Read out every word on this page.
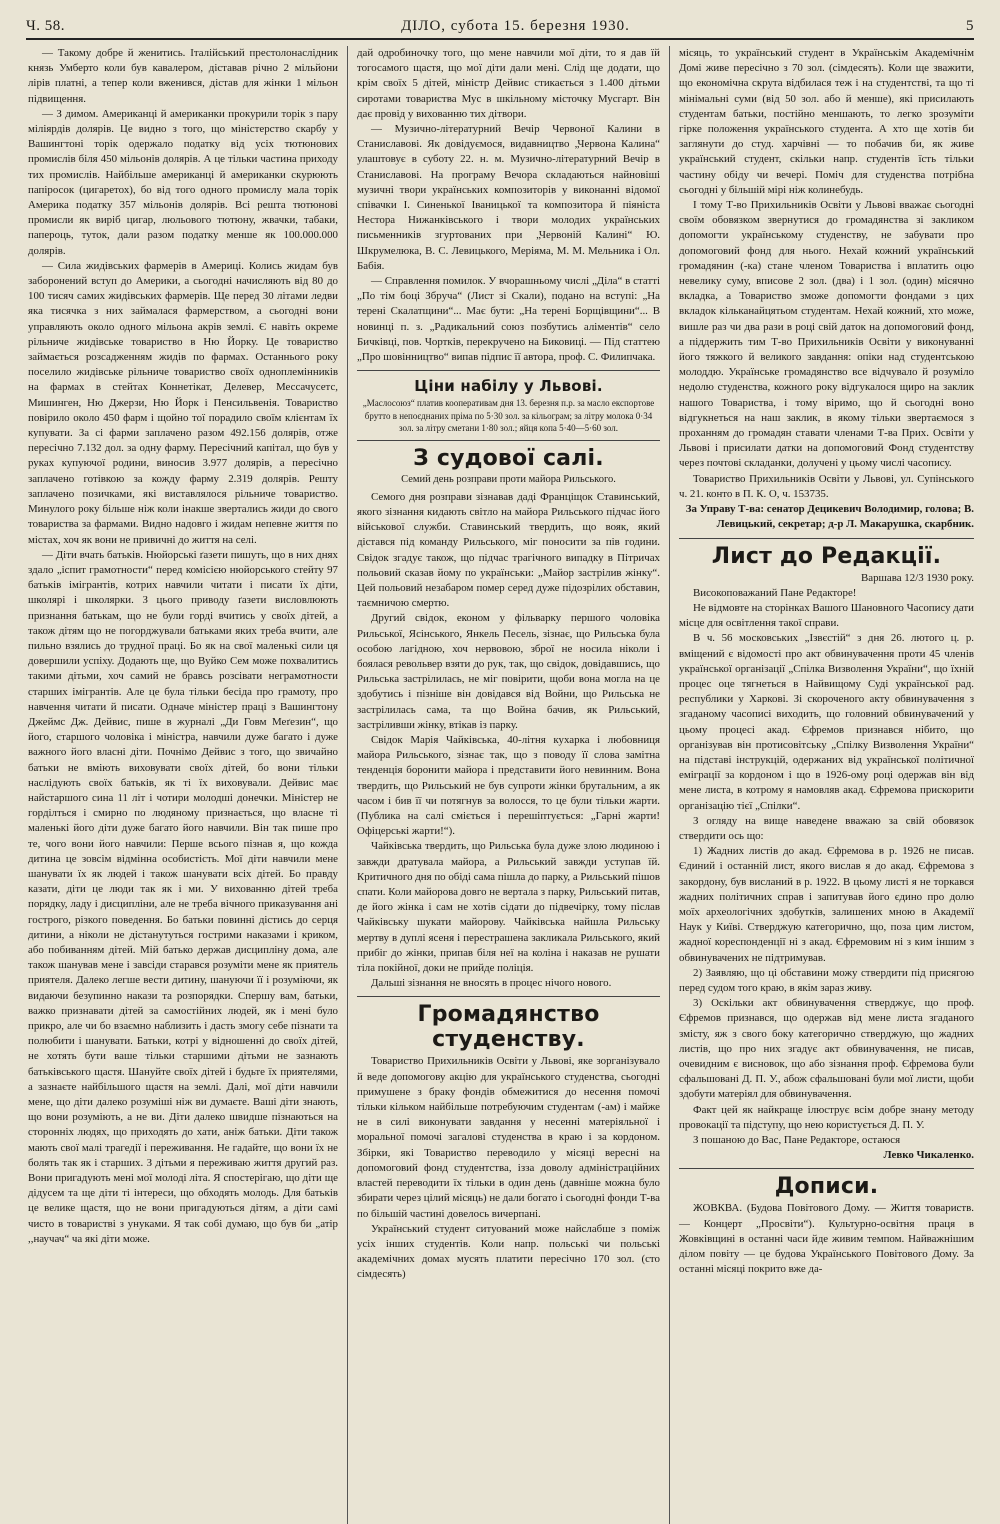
Ч. 58.	ДІЛО, субота 15. березня 1930.	5

— Такому добре й женитись. Італійський престолонаслідник князь Умберто коли був кавалером, діставав річно 2 мільйони лірів платні, а тепер коли вженився, дістав для жінки 1 мільон підвищення.

— З димом. Американці й американки прокурили торік з пару міліярдів долярів. Це видно з того, що міністерство скарбу у Вашингтоні торік одержало податку від усіх тютюнових промислів біля 450 мільонів долярів. А це тільки частина приходу тих промислів. Найбільше американці й американки скурюють папіросок (цигаретох), бо від того одного промислу мала торік Америка податку 357 мільонів долярів. Всі решта тютюнові промисли як виріб цигар, люльового тютюну, жвачки, табаки, папероць, туток, дали разом податку менше як 100.000.000 долярів.

— Сила жидівських фармерів в Америці. Колись жидам був заборонений вступ до Америки, а сьогодні начисляють від 80 до 100 тисяч самих жидівських фармерів. Ще перед 30 літами ледви яка тисячка з них займалася фармерством, а сьогодні вони управляють около одного мільона акрів землі. Є навіть окреме рільниче жидівське товариство в Ню Йорку. Це товариство займається розсадженням жидів по фармах. Останнього року поселило жидівське рільниче товариство своїх одноплемінників на фармах в стейтах Коннетікат, Делевер, Мессачусетс, Мишинген, Ню Джерзи, Ню Йорк і Пенсильвенія. Товариство повірило около 450 фарм і щойно тої порадило своїм клієнтам їх купувати. За сі фарми заплачено разом 492.156 долярів, отже пересічно 7.132 дол. за одну фарму. Пересічний капітал, що був у руках купуючої родини, виносив 3.977 долярів, а пересічно заплачено готівкою за кожду фарму 2.319 долярів. Решту заплачено позичками, які виставлялося рільниче товариство. Минулого року більше ніж коли інакше звертались жиди до свого товариства за фармами. Видно надовго і жидам непевне життя по містах, хоч як вони не привичні до життя на селі.

— Діти вчать батьків. Нюйорські ґазети пишуть, що в них днях здало „іспит грамотности“ перед комісією нюйорського стейту 97 батьків імігрантів, котрих навчили читати і писати їх діти, школярі і школярки. З цього приводу ґазети висловлюють признання батькам, що не були горді вчитись у своїх дітей, а також дітям що не погорджували батьками яких треба вчити, але пильно взялись до трудної праці. Бо як на свої маленькі сили ця довершили успіху. Додають ще, що Вуйко Сем може похвалитись такими дітьми, хоч самий не бравсь розсівати неграмотности старших імігрантів. Але це була тільки бесіда про грамоту, про навчення читати й писати. Одначе міністер праці з Вашингтону Джеймс Дж. Дейвис, пише в журналі „Ди Говм Меґезин“, що його, старшого чоловіка і міністра, навчили дуже багато і дуже важного його власні діти. Почнімо Дейвис з того, що звичайно батьки не вміють виховувати своїх дітей, бо вони тільки наслідують своїх батьків, як ті їх виховували. Дейвис має найстаршого сина 11 літ і чотири молодші донечки. Міністер не горділться і смирно по людяному признається, що власне ті маленькі його діти дуже багато його навчили. Він так пише про те, чого вони його навчили: Перше всього пізнав я, що кожда дитина це зовсім відмінна особистість. Мої діти навчили мене шанувати їх як людей і також шанувати всіх дітей. Бо правду казати, діти це люди так як і ми. У вихованню дітей треба порядку, ладу і дисципліни, але не треба вічного приказування ані гострого, різкого поведення. Бо батьки повинні дістись до серця дитини, а ніколи не дістанутуться гострими наказами і криком, або побиванням дітей. Мій батько держав дисципліну дома, але також шанував мене і завсіди старався розуміти мене як приятель приятеля. Далеко легше вести дитину, шануючи її і розуміючи, як видаючи безупинно накази та розпорядки. Спершу вам, батьки, важко признавати дітей за самостійних людей, як і мені було прикро, але чи бо взаємно наблизить і дасть змогу себе пізнати та полюбити і шанувати. Батьки, котрі у відношенні до своїх дітей, не хотять бути ваше тільки старшими дітьми не зазнають батьківського щастя. Шануйте своїх дітей і будьте їх приятелями, а зазнаєте найбільшого щастя на землі. Далі, мої діти навчили мене, що діти далеко розуміші ніж ви думаєте. Ваші діти знають, що вони розуміють, а не ви. Діти далеко швидше пізнаються на сторонніх людях, що приходять до хати, аніж батьки. Діти також мають свої малі трагедії і переживання. Не гадайте, що вони їх не болять так як і старших. З дітьми я переживаю життя другий раз. Вони пригадують мені мої молоді літа. Я спостерігаю, що діти ще дідусем та ще діти ті інтереси, що обходять молодь. Для батьків це велике щастя, що не вони пригадуються дітям, а діти самі чисто в товаристві з унуками. Я так собі думаю, що був би „атір ,,научач“ ча які діти може.

дай одробиночку того, що мене навчили мої діти, то я дав їй тогосамого щастя, що мої діти дали мені. Слід ще додати, що крім своїх 5 дітей, міністр Дейвис стикається з 1.400 дітьми сиротами товариства Мус в шкільному місточку Мусгарт. Він дає провід у вихованню тих дітвори.

— Музично-літературний Вечір Червоної Калини в Станиславові. Як довідуємося, видавництво „Червона Калина“ улаштовує в суботу 22. н. м. Музично-літературний Вечір в Станиславові. На програму Вечора складаються найновіші музичні твори українських композиторів у виконанні відомої співачки І. Синенької Іваницької та композитора й піяніста Нестора Нижанківського і твори молодих українських письменників згуртованих при „Червоній Калині“ Ю. Шкрумелюка, В. С. Левицького, Меріяма, М. М. Мельника і Ол. Бабія.

— Справлення помилок. У вчорашньому числі „Діла“ в статті „По тім боці Збруча“ (Лист зі Скали), подано на вступі: „На терені Скалатщини“... Має бути: „На терені Борщівщини“... В новинці п. з. „Радикальний союз позбутись аліментів“ село Бичківці, пов. Чортків, перекручено на Биковиці. — Під статтею „Про шовінництво“ випав підпис її автора, проф. С. Филипчака.

Ціни набілу у Львові.

„Маслосоюз“ платив кооперативам дня 13. березня п.р. за масло експортове брутто в непоєднаних пріма по 5·30 зол. за кільограм; за літру молока 0·34 зол. за літру сметани 1·80 зол.; яйця копа 5·40—5·60 зол.

З судової салі.
Семий день розправи проти майора Рильського.

Семого дня розправи зізнавав даді Франціщок Ставинський, якого зізнання кидають світло на майора Рильського підчас його військової служби. Ставинський твердить, що вояк, який дістався під команду Рильського, міг поносити за пів години. Свідок згадує також, що підчас трагічного випадку в Пітричах польовий сказав йому по українськи: „Майор застрілив жінку“. Цей польовий незабаром помер серед дуже підозрілих обставин, таємничою смертю.

Другий свідок, економ у фільварку першого чоловіка Рильської, Ясінського, Янкель Песель, зізнає, що Рильська була особою лагідною, хоч нервовою, зброї не носила ніколи і боялася револьвер взяти до рук, так, що свідок, довідавшись, що Рильська застрілилась, не міг повірити, щоби вона могла на це здобутись і пізніше він довідався від Войни, що Рильська не застрілилась сама, та що Война бачив, як Рильський, застріливши жінку, втікав із парку.

Свідок Марія Чайківська, 40-літня кухарка і любовниця майора Рильського, зізнає так, що з поводу її слова замітна тенденція боронити майора і представити його невинним. Вона твердить, що Рильський не був супроти жінки брутальним, а як часом і бив її чи потягнув за волосся, то це були тільки жарти. (Публика на салі сміється і перешіптується: „Гарні жарти! Офіцерські жарти!“).

Чайківська твердить, що Рильська була дуже злою людиною і завжди дратувала майора, а Рильський завжди уступав їй. Критичного дня по обіді сама пішла до парку, а Рильський пішов спати. Коли майорова довго не вертала з парку, Рильський питав, де його жінка і сам не хотів сідати до підвечірку, тому післав Чайківську шукати майорову. Чайківська найшла Рильську мертву в дуплі ясеня і перестрашена закликала Рильського, який прибіг до жінки, припав біля неї на коліна і наказав не рушати тіла покійної, доки не прийде поліція.

Дальші зізнання не вносять в процес нічого нового.

Громадянство студенству.

Товариство Прихильників Освіти у Львові, яке зорганізувало й веде допомогову акцію для українського студенства, сьогодні примушене з браку фондів обмежитися до несення помочі тільки кільком найбільше потребуючим студентам (-ам) і майже не в силі виконувати завдання у несенні матеріяльної і моральної помочі загалові студенства в краю і за кордоном. Збірки, які Товариство переводило у місяці вересні на допомоговий фонд студентства, ізза доволу адміністраційних властей переводити їх тільки в один день (давніше можна було збирати через цілий місяць) не дали богато і сьогодні фонди Т-ва по більшій частині довелось вичерпані.

Український студент ситуований може найслабше з поміж усіх інших студентів. Коли напр. польські чи польські академічних домах мусять платити пересічно 170 зол. (сто сімдесять)

місяць, то український студент в Українськім Академічнім Домі живе пересічно з 70 зол. (сімдесять). Коли ще зважити, що економічна скрута відбилася теж і на студентстві, та що ті мінімальні суми (від 50 зол. або й менше), які присилають студентам батьки, постійно меншають, то легко зрозуміти гірке положення українського студента. А хто ще хотів би заглянути до студ. харчівні — то побачив би, як живе український студент, скільки напр. студентів їсть тільки частину обіду чи вечері. Поміч для студенства потрібна сьогодні у більшій мірі ніж колинебудь.

І тому Т-во Прихильників Освіти у Львові вважає сьогодні своїм обовязком звернутися до громадянства зі закликом допомогти українському студенству, не забувати про допомоговий фонд для нього. Нехай кожний український громадянин (-ка) стане членом Товариства і вплатить оцю невелику суму, вписове 2 зол. (два) і 1 зол. (один) місячно вкладка, а Товариство зможе допомогти фондами з цих вкладок кільканайцятьом студентам. Нехай кожний, хто може, вишле раз чи два рази в році свій даток на допомоговий фонд, а піддержить тим Т-во Прихильників Освіти у виконуванні його тяжкого й великого завдання: опіки над студентською молоддю. Українське громадянство все відчувало й розуміло недолю студенства, кожного року відгукалося щиро на заклик нашого Товариства, і тому віримо, що й сьогодні воно відгукнеться на наш заклик, в якому тільки звертаємося з проханням до громадян ставати членами Т-ва Прих. Освіти у Львові і присилати датки на допомоговий Фонд студентству через почтові складанки, долучені у цьому числі часопису.

Товариство Прихильників Освіти у Львові, ул. Супінського ч. 21. конто в П. К. О, ч. 153735.

За Управу Т-ва: сенатор Децикевич Володимир, голова; В. Левицький, секретар; д-р Л. Макарушка, скарбник.

Лист до Редакції.

Варшава 12/3 1930 року.

Високоповажаний Пане Редакторе!

Не відмовте на сторінках Вашого Шановного Часопису дати місце для освітлення такої справи.

В ч. 56 московських „Ізвєстій“ з дня 26. лютого ц. р. вміщений є відомості про акт обвинувачення проти 45 членів української організації „Спілка Визволення України“, що їхній процес оце тягнеться в Найвищому Суді української рад. республики у Харкові. Зі скороченого акту обвинувачення з згаданому часописі виходить, що головний обвинувачений у цьому процесі акад. Єфремов признався нібито, що організував він протисовітську „Спілку Визволення України“ на підставі інструкцій, одержаних від української політичної еміграції за кордоном і що в 1926-ому році одержав він від мене листа, в котрому я намовляв акад. Єфремова прискорити організацію тієї „Спілки“.

З огляду на вище наведене вважаю за свій обовязок ствердити ось що:

1) Жадних листів до акад. Єфремова в р. 1926 не писав. Єдиний і останній лист, якого вислав я до акад. Єфремова з закордону, був висланий в р. 1922. В цьому листі я не торкався жадних політичних справ і запитував його єдино про долю моїх археологічних здобутків, залишених мною в Академії Наук у Київі. Стверджую категорично, що, поза цим листом, жадної кореспонденції ні з акад. Єфремовим ні з ким іншим з обвинувачених не підтримував.

2) Заявляю, що ці обставини можу ствердити під присягою перед судом того краю, в якім зараз живу.

3) Оскільки акт обвинувачення стверджує, що проф. Єфремов признався, що одержав від мене листа згаданого змісту, яж з свого боку категорично стверджую, що жадних листів, що про них згадує акт обвинувачення, не писав, очевидним є висновок, що або зізнання проф. Єфремова були сфальшовані Д. П. У., абож сфальшовані були мої листи, щоби здобути матеріял для обвинувачення.

Факт цей як найкраще ілюструє всім добре знану методу провокації та підступу, що нею користується Д. П. У.

З пошаною до Вас, Пане Редакторе, остаюся

Левко Чикаленко.

Дописи.

ЖОВКВА. (Будова Повітового Дому. — Життя товариств. — Концерт „Просвіти“). Культурно-освітня праця в Жовківщині в останні часи йде живим темпом. Найважнішим ділом повіту — це будова Українського Повітового Дому. За останні місяці покрито вже да-
